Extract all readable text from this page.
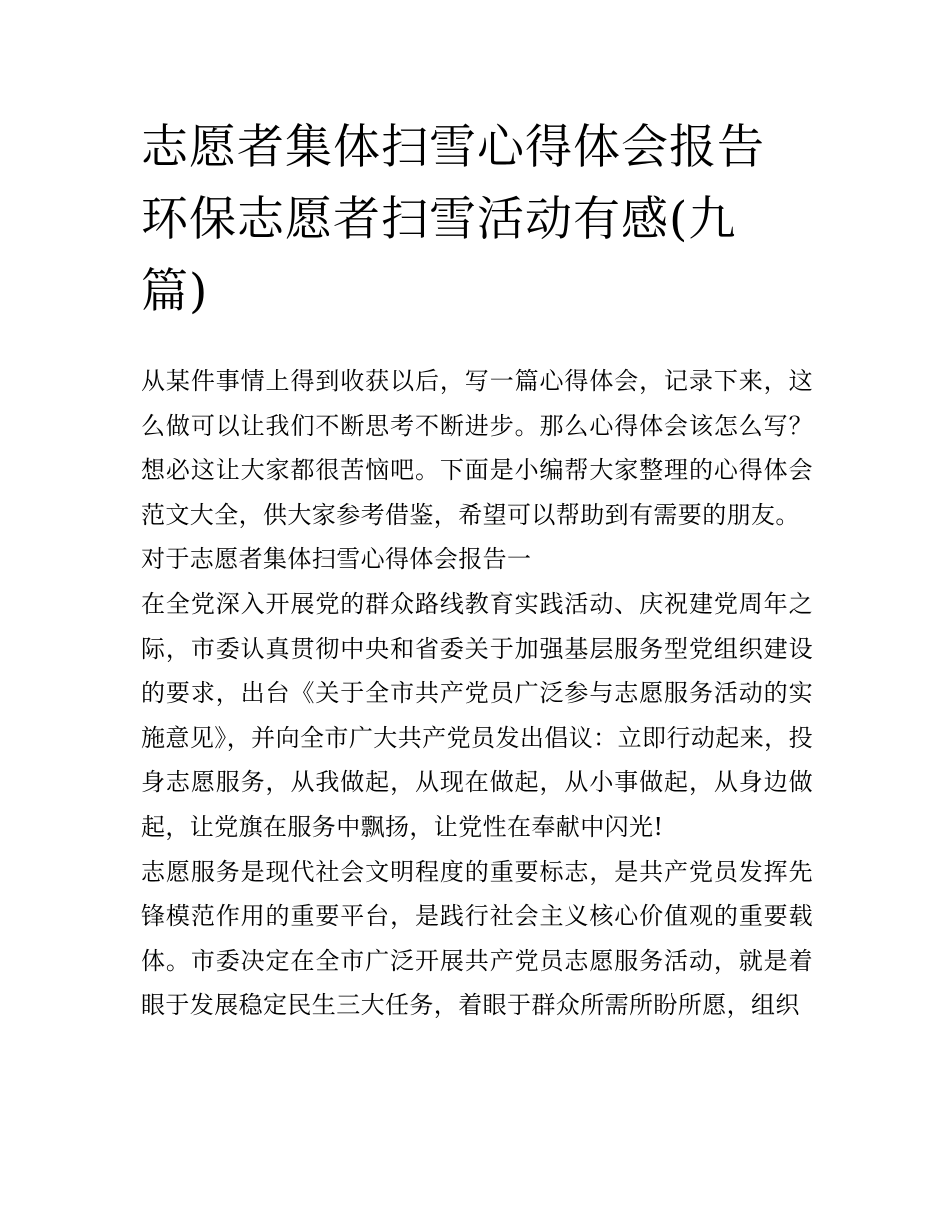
志愿者集体扫雪心得体会报告环保志愿者扫雪活动有感(九篇)

从某件事情上得到收获以后，写一篇心得体会，记录下来，这么做可以让我们不断思考不断进步。那么心得体会该怎么写？想必这让大家都很苦恼吧。下面是小编帮大家整理的心得体会范文大全，供大家参考借鉴，希望可以帮助到有需要的朋友。

对于志愿者集体扫雪心得体会报告一

在全党深入开展党的群众路线教育实践活动、庆祝建党周年之际，市委认真贯彻中央和省委关于加强基层服务型党组织建设的要求，出台《关于全市共产党员广泛参与志愿服务活动的实施意见》，并向全市广大共产党员发出倡议：立即行动起来，投身志愿服务，从我做起，从现在做起，从小事做起，从身边做起，让党旗在服务中飘扬，让党性在奉献中闪光!

志愿服务是现代社会文明程度的重要标志，是共产党员发挥先锋模范作用的重要平台，是践行社会主义核心价值观的重要载体。市委决定在全市广泛开展共产党员志愿服务活动，就是着眼于发展稳定民生三大任务，着眼于群众所需所盼所愿，组织
